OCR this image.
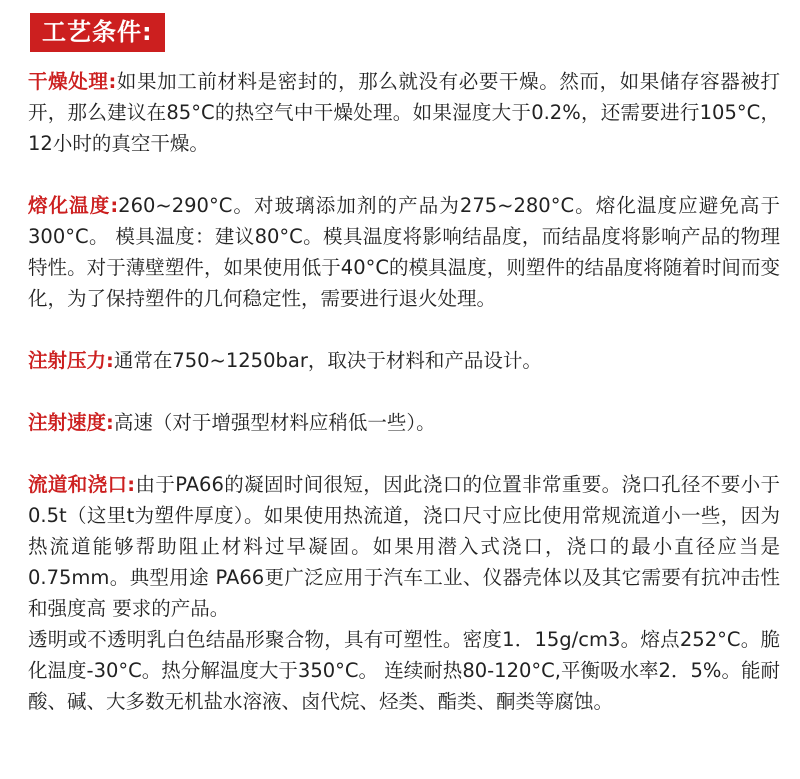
工艺条件:

干燥处理:如果加工前材料是密封的，那么就没有必要干燥。然而，如果储存容器被打开，那么建议在85°C的热空气中干燥处理。如果湿度大于0.2%，还需要进行105°C，12小时的真空干燥。

熔化温度:260~290°C。对玻璃添加剂的产品为275~280°C。熔化温度应避免高于300°C。 模具温度：建议80°C。模具温度将影响结晶度，而结晶度将影响产品的物理特性。对于薄壁塑件，如果使用低于40°C的模具温度，则塑件的结晶度将随着时间而变化，为了保持塑件的几何稳定性，需要进行退火处理。

注射压力:通常在750~1250bar，取决于材料和产品设计。

注射速度:高速（对于增强型材料应稍低一些）。

流道和浇口:由于PA66的凝固时间很短，因此浇口的位置非常重要。浇口孔径不要小于0.5t（这里t为塑件厚度）。如果使用热流道，浇口尺寸应比使用常规流道小一些，因为热流道能够帮助阻止材料过早凝固。如果用潜入式浇口，浇口的最小直径应当是0.75mm。典型用途 PA66更广泛应用于汽车工业、仪器壳体以及其它需要有抗冲击性和强度高 要求的产品。

透明或不透明乳白色结晶形聚合物，具有可塑性。密度1．15g/cm3。熔点252°C。脆化温度-30°C。热分解温度大于350°C。 连续耐热80-120°C,平衡吸水率2．5%。能耐酸、碱、大多数无机盐水溶液、卤代烷、烃类、酯类、酮类等腐蚀。
